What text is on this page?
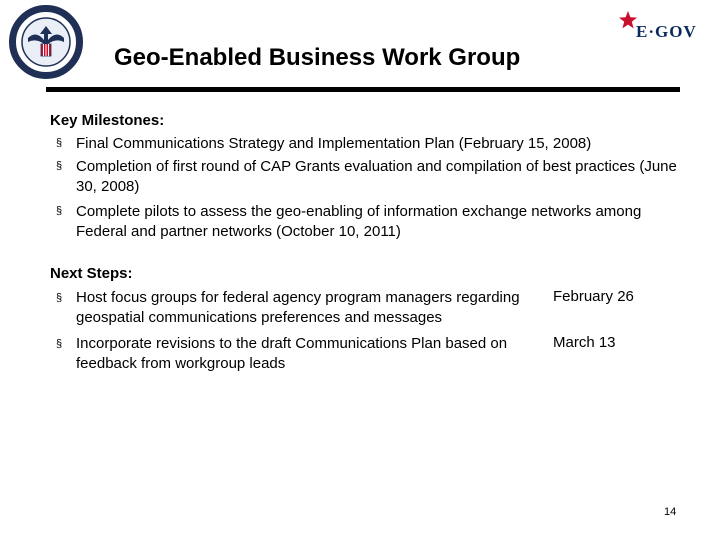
E·GOV
Geo-Enabled Business Work Group
Key Milestones:
§ Final Communications Strategy and Implementation Plan (February 15, 2008)
§ Completion of first round of CAP Grants evaluation and compilation of best practices (June 30, 2008)
§ Complete pilots to assess the geo-enabling of information exchange networks among Federal and partner networks (October 10, 2011)
Next Steps:
§ Host focus groups for federal agency program managers regarding geospatial communications preferences and messages
February 26
§ Incorporate revisions to the draft Communications Plan based on feedback from workgroup leads
March 13
14
